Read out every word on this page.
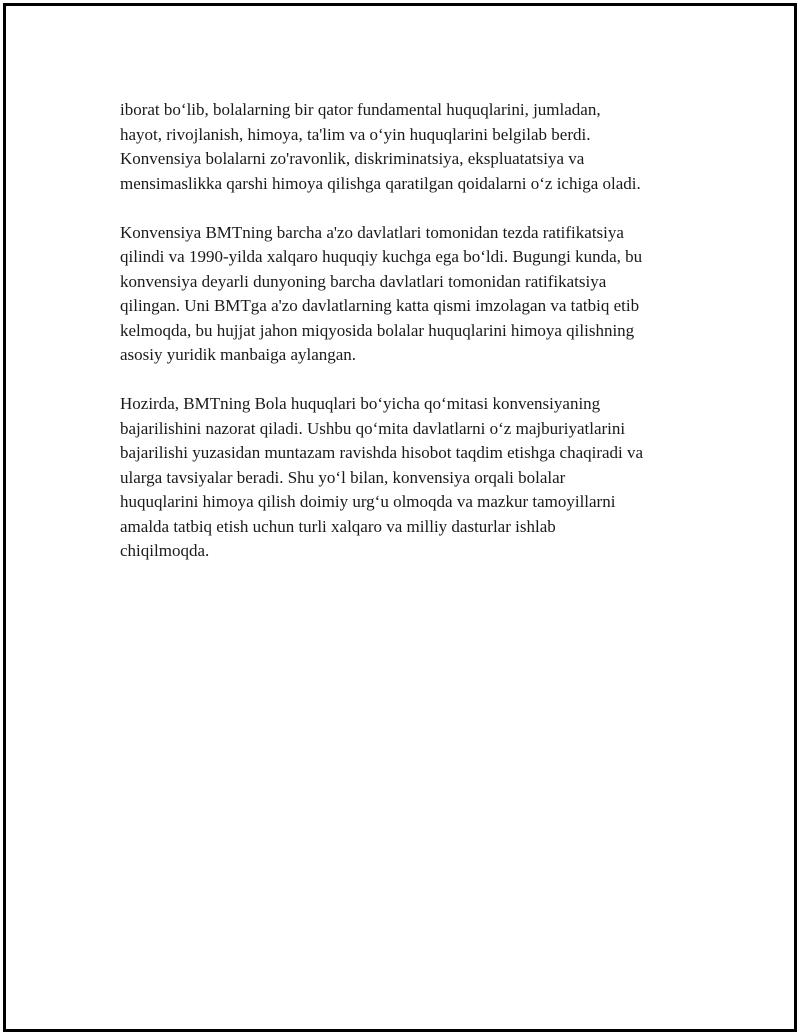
iborat bo‘lib, bolalarning bir qator fundamental huquqlarini, jumladan,
hayot, rivojlanish, himoya, ta'lim va o‘yin huquqlarini belgilab berdi.
Konvensiya bolalarni zo'ravonlik, diskriminatsiya, ekspluatatsiya va
mensimaslikka qarshi himoya qilishga qaratilgan qoidalarni o‘z ichiga oladi.

Konvensiya BMTning barcha a'zo davlatlari tomonidan tezda ratifikatsiya
qilindi va 1990-yilda xalqaro huquqiy kuchga ega bo‘ldi. Bugungi kunda, bu
konvensiya deyarli dunyoning barcha davlatlari tomonidan ratifikatsiya
qilingan. Uni BMTga a'zo davlatlarning katta qismi imzolagan va tatbiq etib
kelmoqda, bu hujjat jahon miqyosida bolalar huquqlarini himoya qilishning
asosiy yuridik manbaiga aylangan.

Hozirda, BMTning Bola huquqlari bo‘yicha qo‘mitasi konvensiyaning
bajarilishini nazorat qiladi. Ushbu qo‘mita davlatlarni o‘z majburiyatlarini
bajarilishi yuzasidan muntazam ravishda hisobot taqdim etishga chaqiradi va
ularga tavsiyalar beradi. Shu yo‘l bilan, konvensiya orqali bolalar
huquqlarini himoya qilish doimiy urg‘u olmoqda va mazkur tamoyillarni
amalda tatbiq etish uchun turli xalqaro va milliy dasturlar ishlab
chiqilmoqda.
